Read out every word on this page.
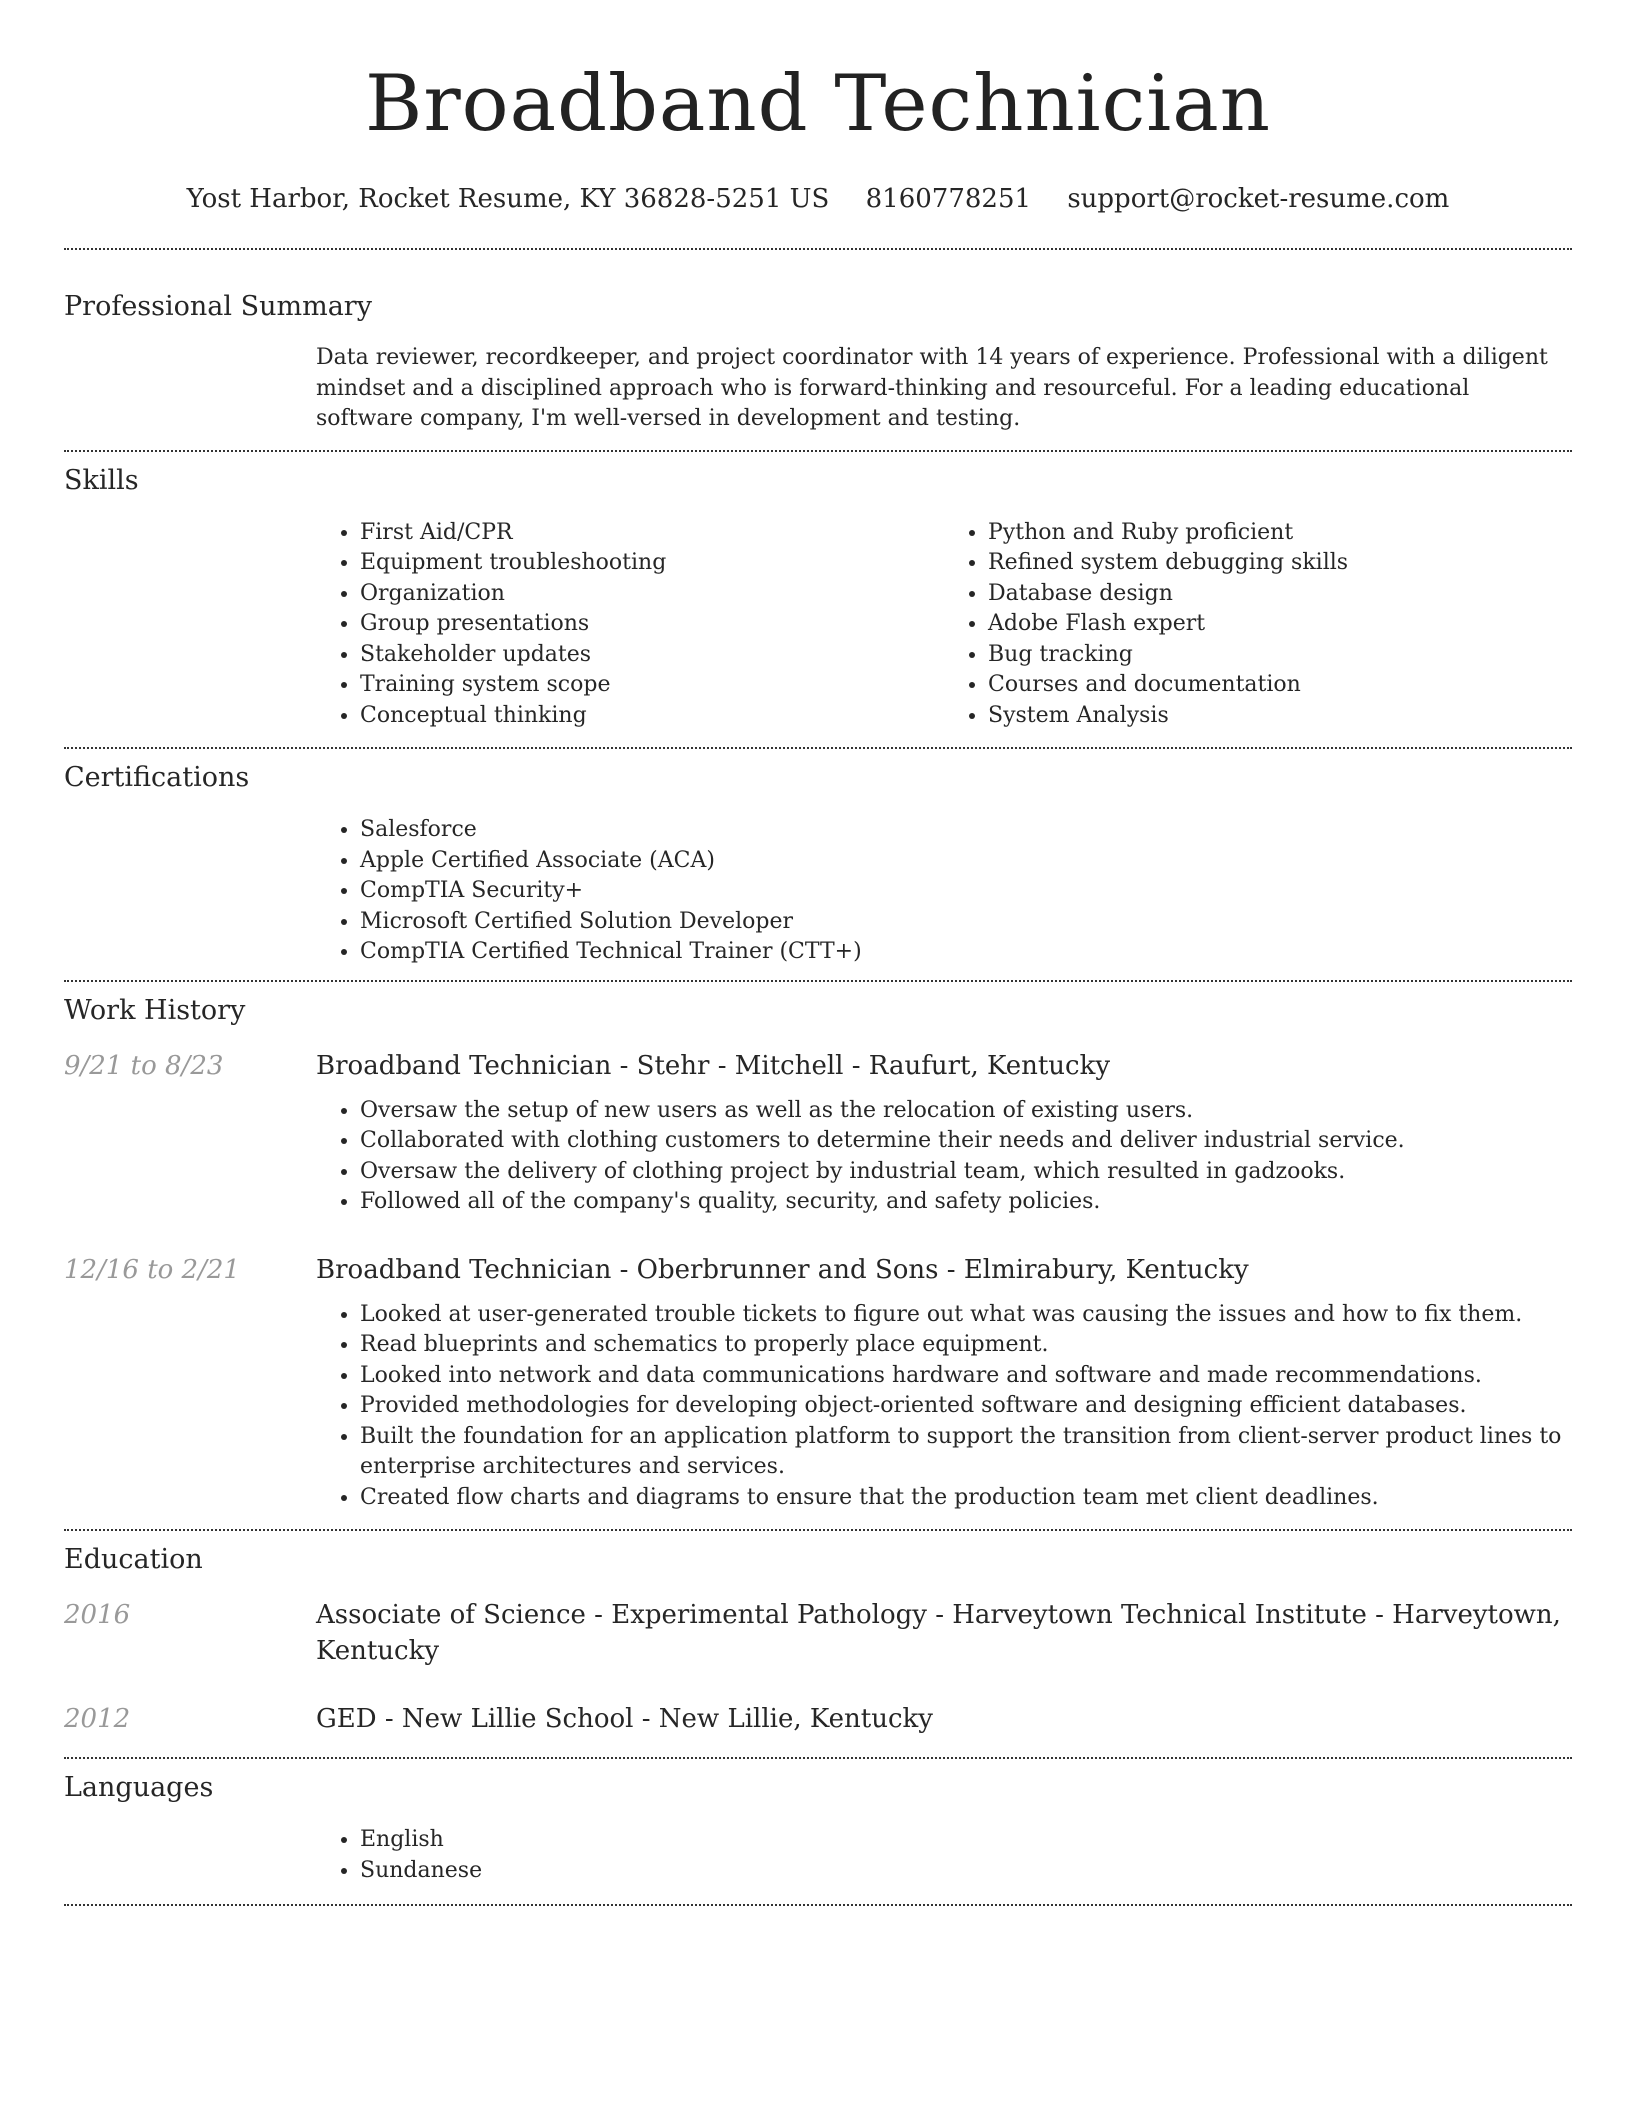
Broadband Technician
Yost Harbor, Rocket Resume, KY 36828-5251 US 8160778251 support@rocket-resume.com
Professional Summary
Data reviewer, recordkeeper, and project coordinator with 14 years of experience. Professional with a diligent mindset and a disciplined approach who is forward-thinking and resourceful. For a leading educational software company, I'm well-versed in development and testing.
Skills
• First Aid/CPR
• Equipment troubleshooting
• Organization
• Group presentations
• Stakeholder updates
• Training system scope
• Conceptual thinking
• Python and Ruby proficient
• Refined system debugging skills
• Database design
• Adobe Flash expert
• Bug tracking
• Courses and documentation
• System Analysis
Certifications
• Salesforce
• Apple Certified Associate (ACA)
• CompTIA Security+
• Microsoft Certified Solution Developer
• CompTIA Certified Technical Trainer (CTT+)
Work History
9/21 to 8/23	Broadband Technician - Stehr - Mitchell - Raufurt, Kentucky
• Oversaw the setup of new users as well as the relocation of existing users.
• Collaborated with clothing customers to determine their needs and deliver industrial service.
• Oversaw the delivery of clothing project by industrial team, which resulted in gadzooks.
• Followed all of the company's quality, security, and safety policies.
12/16 to 2/21	Broadband Technician - Oberbrunner and Sons - Elmirabury, Kentucky
• Looked at user-generated trouble tickets to figure out what was causing the issues and how to fix them.
• Read blueprints and schematics to properly place equipment.
• Looked into network and data communications hardware and software and made recommendations.
• Provided methodologies for developing object-oriented software and designing efficient databases.
• Built the foundation for an application platform to support the transition from client-server product lines to enterprise architectures and services.
• Created flow charts and diagrams to ensure that the production team met client deadlines.
Education
2016	Associate of Science - Experimental Pathology - Harveytown Technical Institute - Harveytown, Kentucky
2012	GED - New Lillie School - New Lillie, Kentucky
Languages
• English
• Sundanese
